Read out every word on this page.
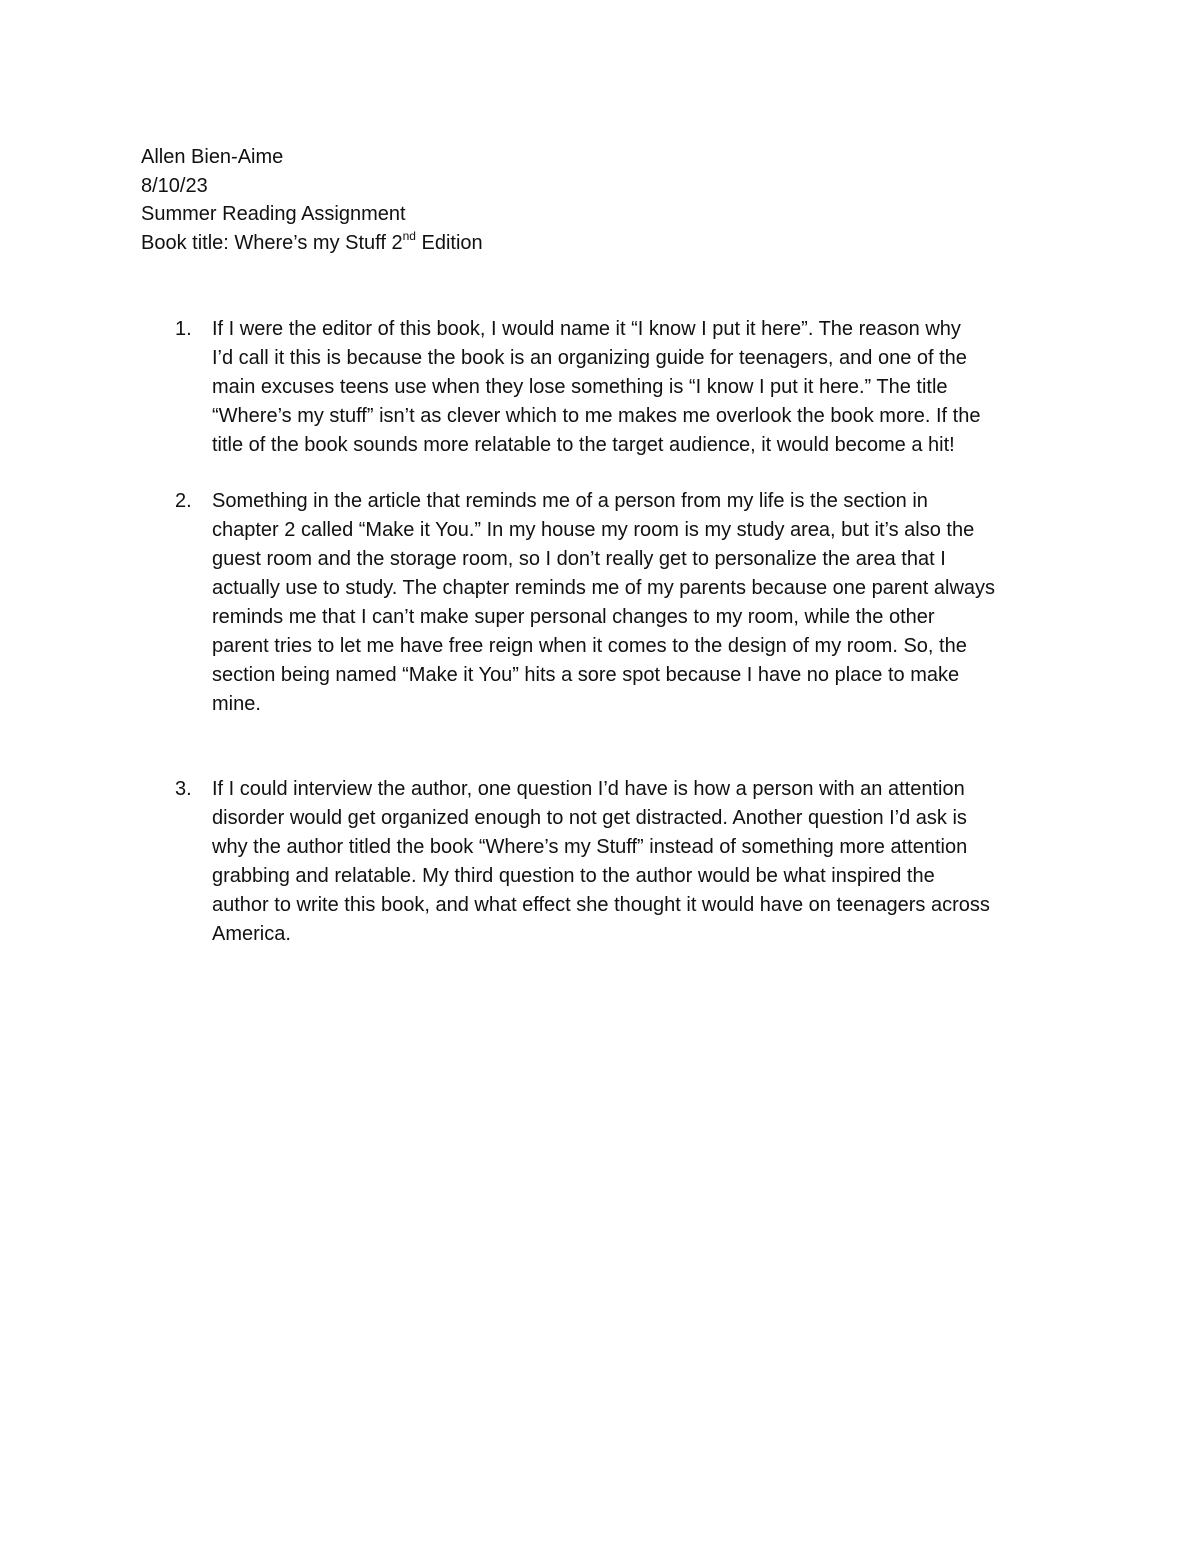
Allen Bien-Aime
8/10/23
Summer Reading Assignment
Book title: Where’s my Stuff 2nd Edition
1.	If I were the editor of this book, I would name it “I know I put it here”. The reason why
I’d call it this is because the book is an organizing guide for teenagers, and one of the
main excuses teens use when they lose something is “I know I put it here.” The title
“Where’s my stuff” isn’t as clever which to me makes me overlook the book more. If the
title of the book sounds more relatable to the target audience, it would become a hit!
2.	Something in the article that reminds me of a person from my life is the section in
chapter 2 called “Make it You.” In my house my room is my study area, but it’s also the
guest room and the storage room, so I don’t really get to personalize the area that I
actually use to study. The chapter reminds me of my parents because one parent always
reminds me that I can’t make super personal changes to my room, while the other
parent tries to let me have free reign when it comes to the design of my room. So, the
section being named “Make it You” hits a sore spot because I have no place to make
mine.
3.	If I could interview the author, one question I’d have is how a person with an attention
disorder would get organized enough to not get distracted. Another question I’d ask is
why the author titled the book “Where’s my Stuff” instead of something more attention
grabbing and relatable. My third question to the author would be what inspired the
author to write this book, and what effect she thought it would have on teenagers across
America.
